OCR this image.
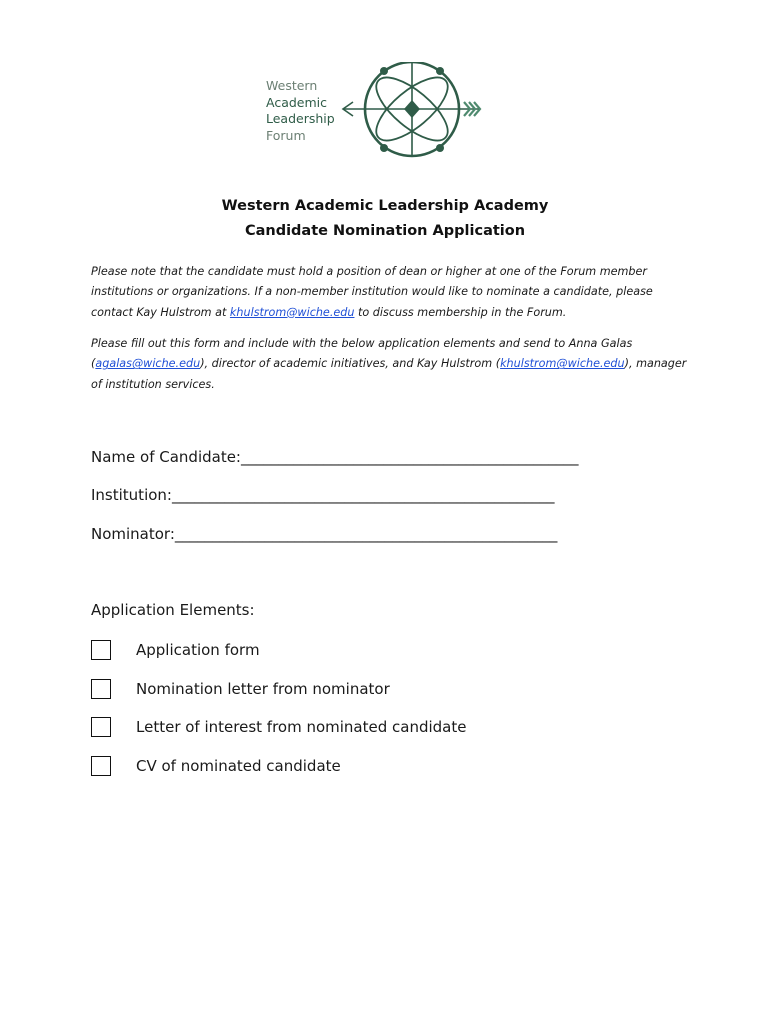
Western
Academic
Leadership
Forum
Western Academic Leadership Academy
Candidate Nomination Application
Please note that the candidate must hold a position of dean or higher at one of the Forum member institutions or organizations. If a non-member institution would like to nominate a candidate, please contact Kay Hulstrom at khulstrom@wiche.edu to discuss membership in the Forum.
Please fill out this form and include with the below application elements and send to Anna Galas (agalas@wiche.edu), director of academic initiatives, and Kay Hulstrom (khulstrom@wiche.edu), manager of institution services.
Name of Candidate:_____________________________________________
Institution:___________________________________________________
Nominator:___________________________________________________
Application Elements:
Application form
Nomination letter from nominator
Letter of interest from nominated candidate
CV of nominated candidate
